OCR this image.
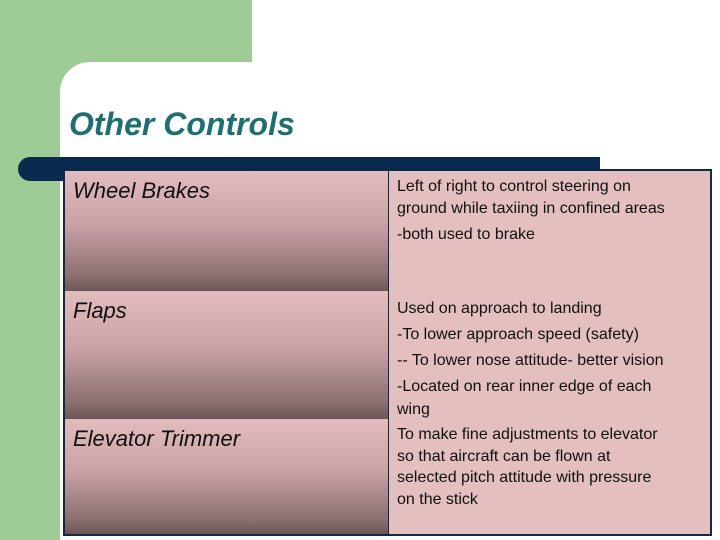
Other Controls

Wheel Brakes	Left of right to control steering on
ground while taxiing in confined areas
-both used to brake

Flaps	Used on approach to landing
-To lower approach speed (safety)
-- To lower nose attitude- better vision
-Located on rear inner edge of each
wing

Elevator Trimmer	To make fine adjustments to elevator
so that aircraft can be flown at
selected pitch attitude with pressure
on the stick
